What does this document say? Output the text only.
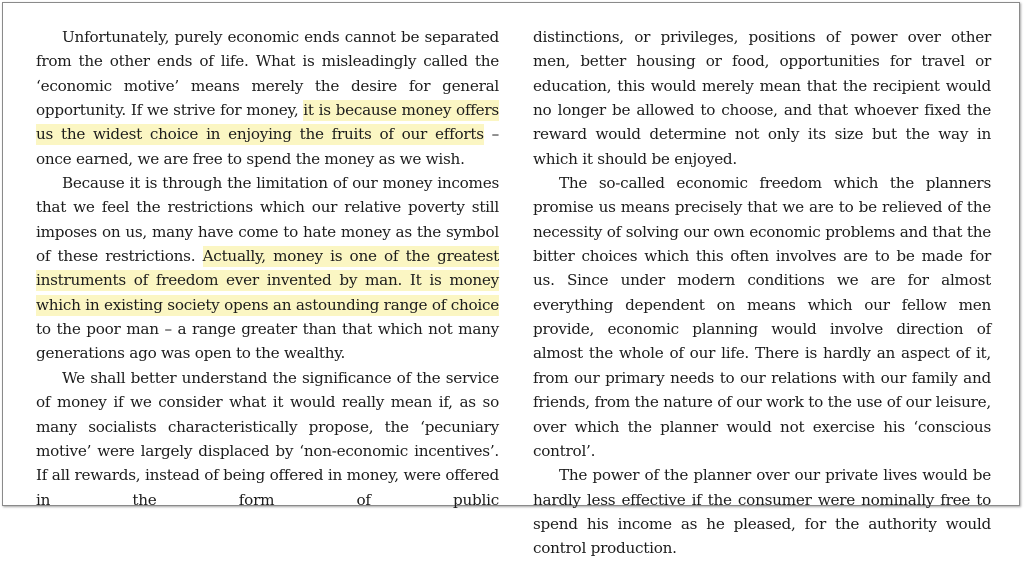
Unfortunately, purely economic ends cannot be separated from the other ends of life. What is misleadingly called the ‘economic motive’ means merely the desire for general opportunity. If we strive for money, it is because money offers us the widest choice in enjoying the fruits of our efforts – once earned, we are free to spend the money as we wish.

Because it is through the limitation of our money incomes that we feel the restrictions which our relative poverty still imposes on us, many have come to hate money as the symbol of these restrictions. Actually, money is one of the greatest instruments of freedom ever invented by man. It is money which in existing society opens an astounding range of choice to the poor man – a range greater than that which not many generations ago was open to the wealthy.

We shall better understand the significance of the service of money if we consider what it would really mean if, as so many socialists characteristically propose, the ‘pecuniary motive’ were largely displaced by ‘non-economic incentives’. If all rewards, instead of being offered in money, were offered in the form of public

distinctions, or privileges, positions of power over other men, better housing or food, opportunities for travel or education, this would merely mean that the recipient would no longer be allowed to choose, and that whoever fixed the reward would determine not only its size but the way in which it should be enjoyed.

The so-called economic freedom which the planners promise us means precisely that we are to be relieved of the necessity of solving our own economic problems and that the bitter choices which this often involves are to be made for us. Since under modern conditions we are for almost everything dependent on means which our fellow men provide, economic planning would involve direction of almost the whole of our life. There is hardly an aspect of it, from our primary needs to our relations with our family and friends, from the nature of our work to the use of our leisure, over which the planner would not exercise his ‘conscious control’.

The power of the planner over our private lives would be hardly less effective if the consumer were nominally free to spend his income as he pleased, for the authority would control production.
